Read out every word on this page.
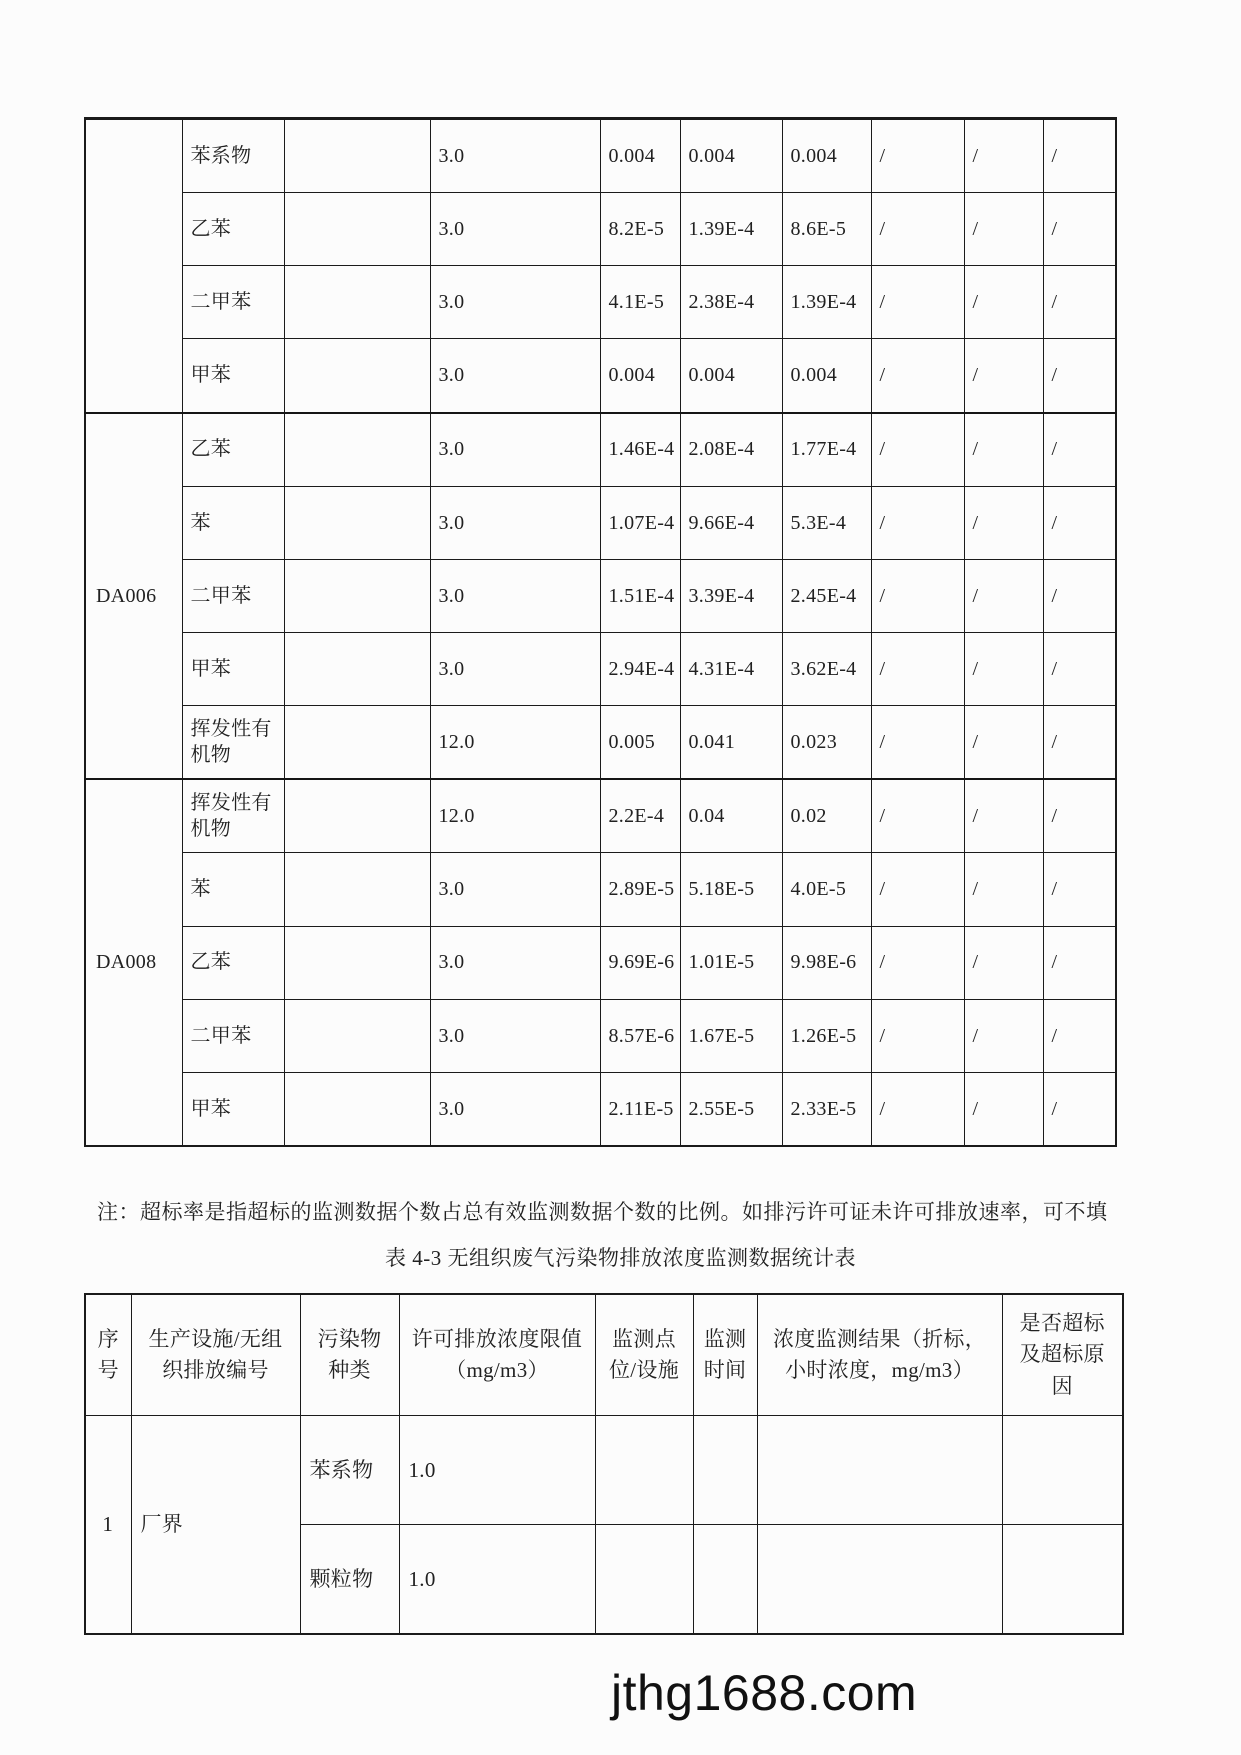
	苯系物		3.0	0.004	0.004	0.004	/	/	/
	乙苯		3.0	8.2E-5	1.39E-4	8.6E-5	/	/	/
	二甲苯		3.0	4.1E-5	2.38E-4	1.39E-4	/	/	/
	甲苯		3.0	0.004	0.004	0.004	/	/	/
DA006	乙苯		3.0	1.46E-4	2.08E-4	1.77E-4	/	/	/
	苯		3.0	1.07E-4	9.66E-4	5.3E-4	/	/	/
	二甲苯		3.0	1.51E-4	3.39E-4	2.45E-4	/	/	/
	甲苯		3.0	2.94E-4	4.31E-4	3.62E-4	/	/	/
	挥发性有机物		12.0	0.005	0.041	0.023	/	/	/
DA008	挥发性有机物		12.0	2.2E-4	0.04	0.02	/	/	/
	苯		3.0	2.89E-5	5.18E-5	4.0E-5	/	/	/
	乙苯		3.0	9.69E-6	1.01E-5	9.98E-6	/	/	/
	二甲苯		3.0	8.57E-6	1.67E-5	1.26E-5	/	/	/
	甲苯		3.0	2.11E-5	2.55E-5	2.33E-5	/	/	/

注：超标率是指超标的监测数据个数占总有效监测数据个数的比例。如排污许可证未许可排放速率，可不填

表 4-3 无组织废气污染物排放浓度监测数据统计表
序号	生产设施/无组织排放编号	污染物种类	许可排放浓度限值（mg/m3）	监测点位/设施	监测时间	浓度监测结果（折标，小时浓度，mg/m3）	是否超标及超标原因
1	厂界	苯系物	1.0				
		颗粒物	1.0				

jthg1688.com
